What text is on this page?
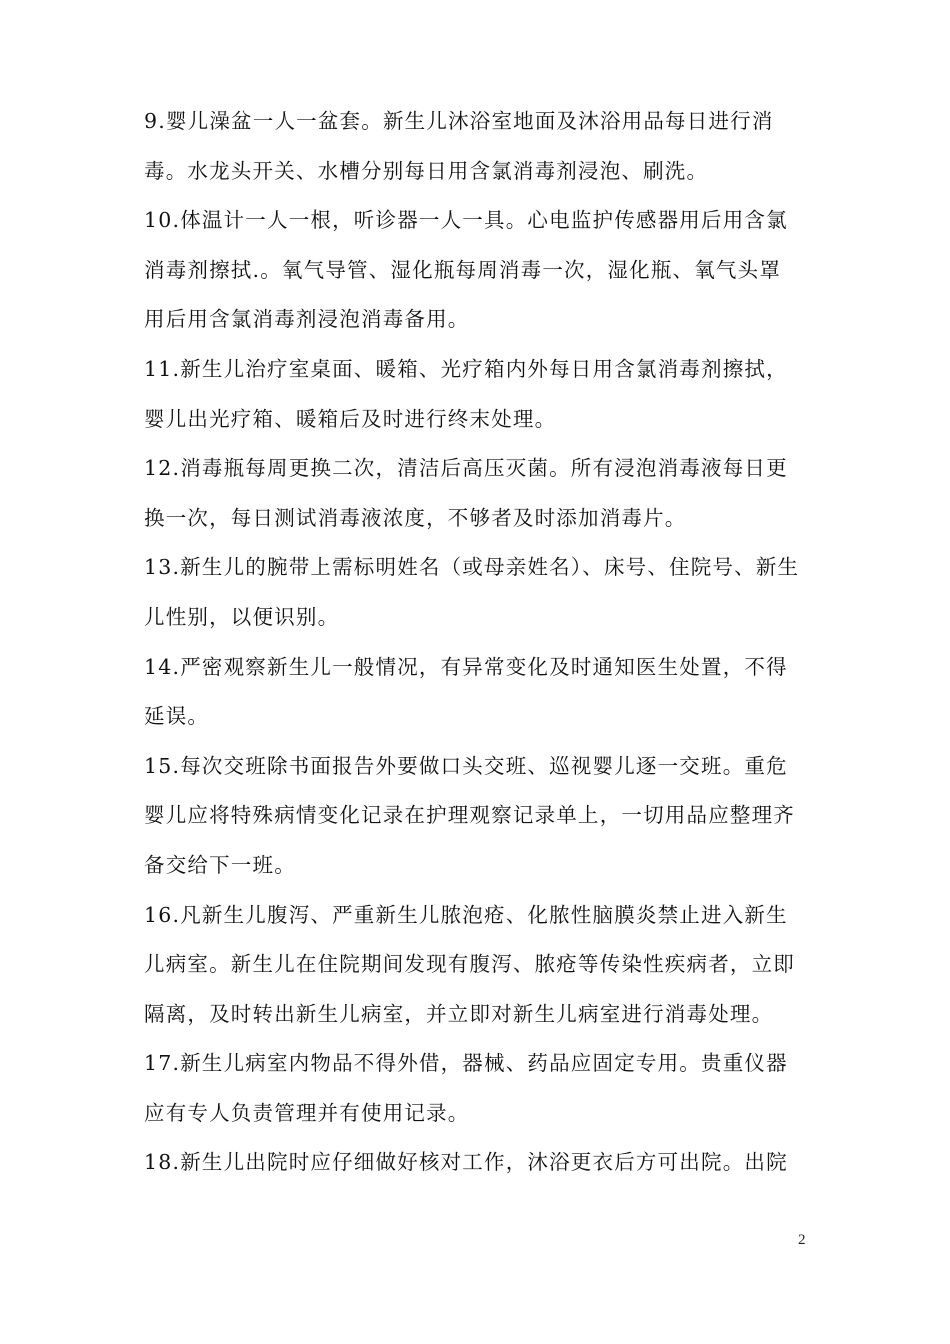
9.婴儿澡盆一人一盆套。新生儿沐浴室地面及沐浴用品每日进行消
毒。水龙头开关、水槽分别每日用含氯消毒剂浸泡、刷洗。
10.体温计一人一根，听诊器一人一具。心电监护传感器用后用含氯
消毒剂擦拭.。氧气导管、湿化瓶每周消毒一次，湿化瓶、氧气头罩
用后用含氯消毒剂浸泡消毒备用。
11.新生儿治疗室桌面、暖箱、光疗箱内外每日用含氯消毒剂擦拭，
婴儿出光疗箱、暖箱后及时进行终末处理。
12.消毒瓶每周更换二次，清洁后高压灭菌。所有浸泡消毒液每日更
换一次，每日测试消毒液浓度，不够者及时添加消毒片。
13.新生儿的腕带上需标明姓名（或母亲姓名）、床号、住院号、新生
儿性别，以便识别。
14.严密观察新生儿一般情况，有异常变化及时通知医生处置，不得
延误。
15.每次交班除书面报告外要做口头交班、巡视婴儿逐一交班。重危
婴儿应将特殊病情变化记录在护理观察记录单上，一切用品应整理齐
备交给下一班。
16.凡新生儿腹泻、严重新生儿脓泡疮、化脓性脑膜炎禁止进入新生
儿病室。新生儿在住院期间发现有腹泻、脓疮等传染性疾病者，立即
隔离，及时转出新生儿病室，并立即对新生儿病室进行消毒处理。
17.新生儿病室内物品不得外借，器械、药品应固定专用。贵重仪器
应有专人负责管理并有使用记录。
18.新生儿出院时应仔细做好核对工作，沐浴更衣后方可出院。出院
2
